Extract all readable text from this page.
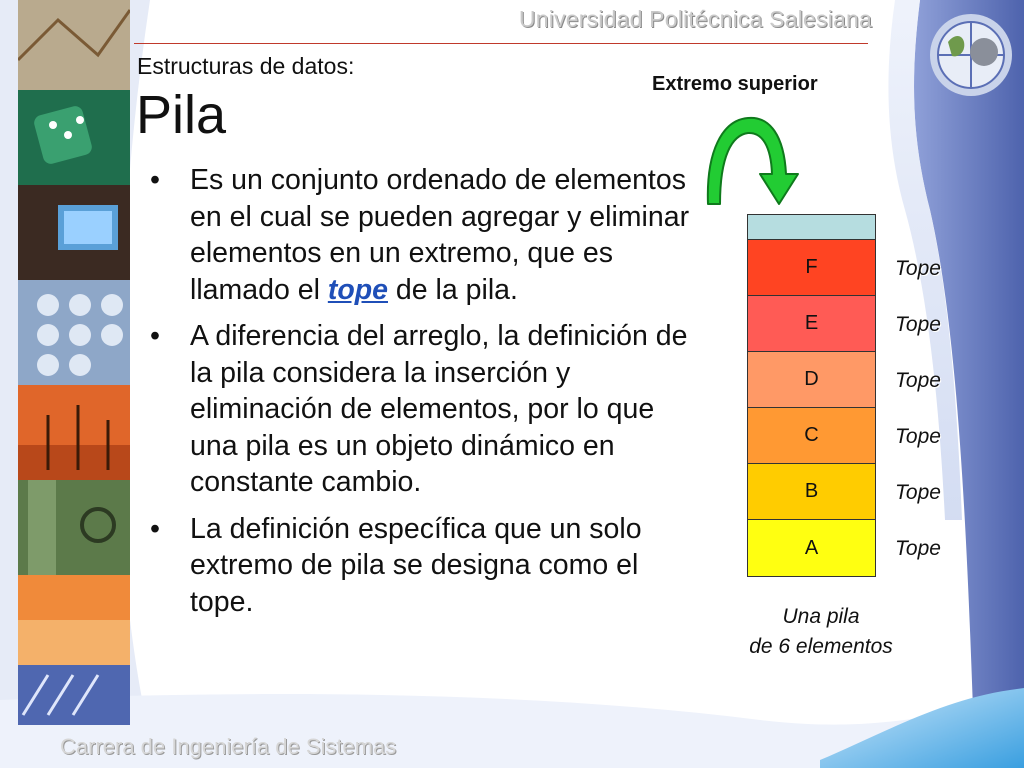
Universidad Politécnica Salesiana
Estructuras de datos:
Pila
• Es un conjunto ordenado de elementos en el cual se pueden agregar y eliminar elementos en un extremo, que es llamado el tope de la pila.
• A diferencia del arreglo, la definición de la pila considera la inserción y eliminación de elementos, por lo que una pila es un objeto dinámico en constante cambio.
• La definición específica que un solo extremo de pila se designa como el tope.
Extremo superior
F
E
D
C
B
A
Tope
Tope
Tope
Tope
Tope
Tope
Una pila
de 6 elementos
Carrera de Ingeniería de Sistemas
